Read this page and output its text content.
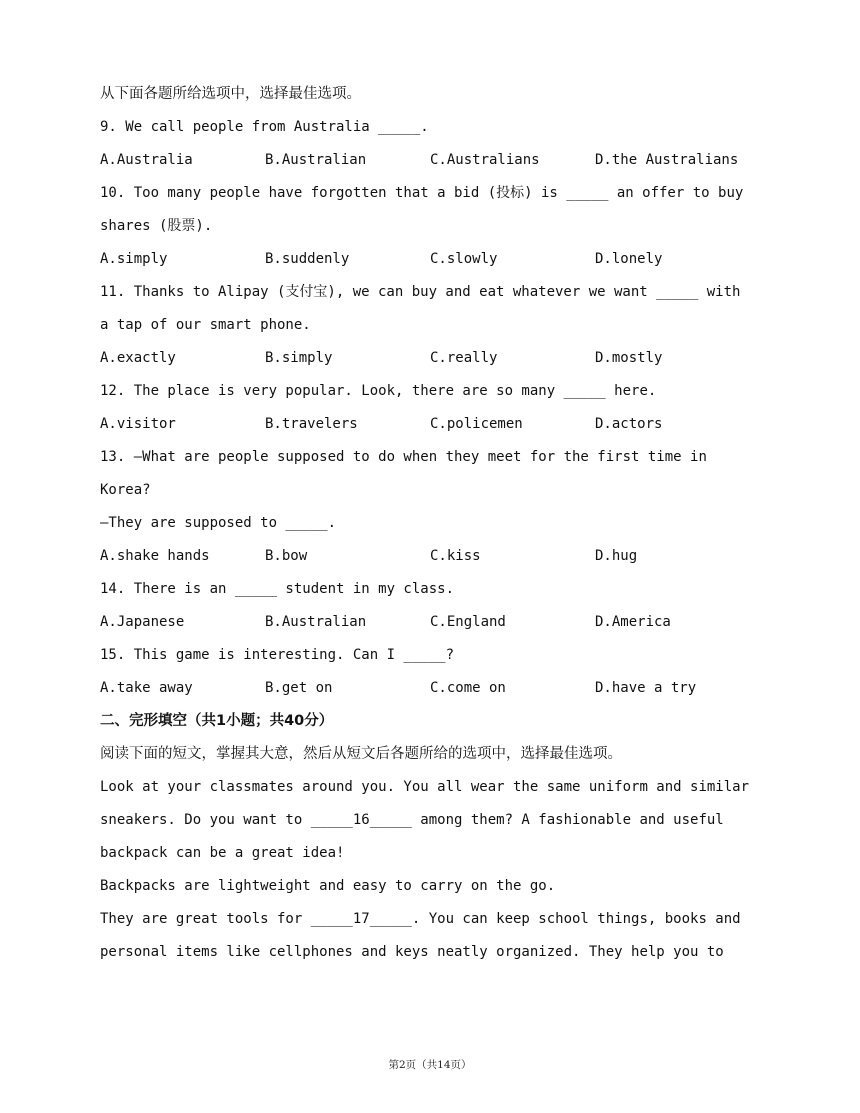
从下面各题所给选项中，选择最佳选项。
9. We call people from Australia _____.
A.Australia	B.Australian	C.Australians	D.the Australians
10. Too many people have forgotten that a bid (投标) is _____ an offer to buy
shares (股票).
A.simply	B.suddenly	C.slowly	D.lonely
11. Thanks to Alipay (支付宝), we can buy and eat whatever we want _____ with
a tap of our smart phone.
A.exactly	B.simply	C.really	D.mostly
12. The place is very popular. Look, there are so many _____ here.
A.visitor	B.travelers	C.policemen	D.actors
13. —What are people supposed to do when they meet for the first time in
Korea?
—They are supposed to _____.
A.shake hands	B.bow	C.kiss	D.hug
14. There is an _____ student in my class.
A.Japanese	B.Australian	C.England	D.America
15. This game is interesting. Can I _____?
A.take away	B.get on	C.come on	D.have a try
二、完形填空（共1小题；共40分）
阅读下面的短文，掌握其大意，然后从短文后各题所给的选项中，选择最佳选项。
Look at your classmates around you. You all wear the same uniform and similar
sneakers. Do you want to _____16_____ among them? A fashionable and useful
backpack can be a great idea!
Backpacks are lightweight and easy to carry on the go.
They are great tools for _____17_____. You can keep school things, books and
personal items like cellphones and keys neatly organized. They help you to
第2页（共14页）
